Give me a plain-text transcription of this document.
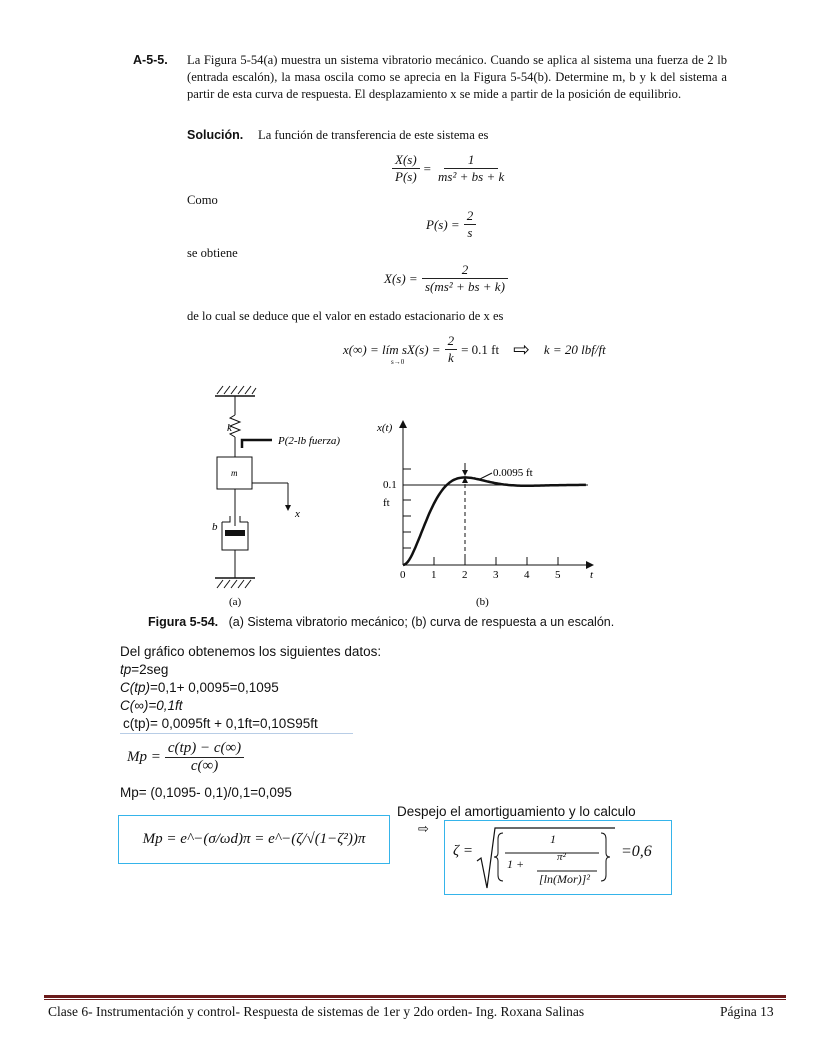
A-5-5. La Figura 5-54(a) muestra un sistema vibratorio mecánico. Cuando se aplica al sistema una fuerza de 2 lb (entrada escalón), la masa oscila como se aprecia en la Figura 5-54(b). Determine m, b y k del sistema a partir de esta curva de respuesta. El desplazamiento x se mide a partir de la posición de equilibrio.
Solución. La función de transferencia de este sistema es
$\frac{X(s)}{P(s)} = \frac{1}{\text{ms² + bs + k}}$
Como
$P(s) = \frac{2}{s}$
se obtiene
$X(s) = \frac{2}{\text{s(ms² + bs + k)}}$
de lo cual se deduce que el valor en estado estacionario de x es
x(∞) = lím sX(s) =
s→0	$\frac{2}{k} = 0.1$ ft ⇨ k = 20 lbf/ft
k
P(2-lb fuerza)
m
x
b
(a)
x(t)
0.1
ft
0.0095 ft
0 1 2 3 4 5	t
(b)
Figura 5-54. (a) Sistema vibratorio mecánico; (b) curva de respuesta a un escalón.
Del gráfico obtenemos los siguientes datos:
tp=2seg
C(tp)=0,1+ 0,0095=0,1095
C(∞)=0,1ft
c(tp)= 0,0095ft + 0,1ft=0,10S95ft
$Mp = \frac{c(tp) - c(\infty)}{c(\infty)}$
Mp= (0,1095- 0,1)/0,1=0,095
Mp = e^−(σ/ωd)π = e^−(ζ/√(1−ζ²))π
Despejo el amortiguamiento y lo calculo
⇨
ζ =
1
1 +	π²
[ln(Mor)]²
=0,6
Clase 6- Instrumentación y control- Respuesta de sistemas de 1er y 2do orden- Ing. Roxana Salinas	Página 13
